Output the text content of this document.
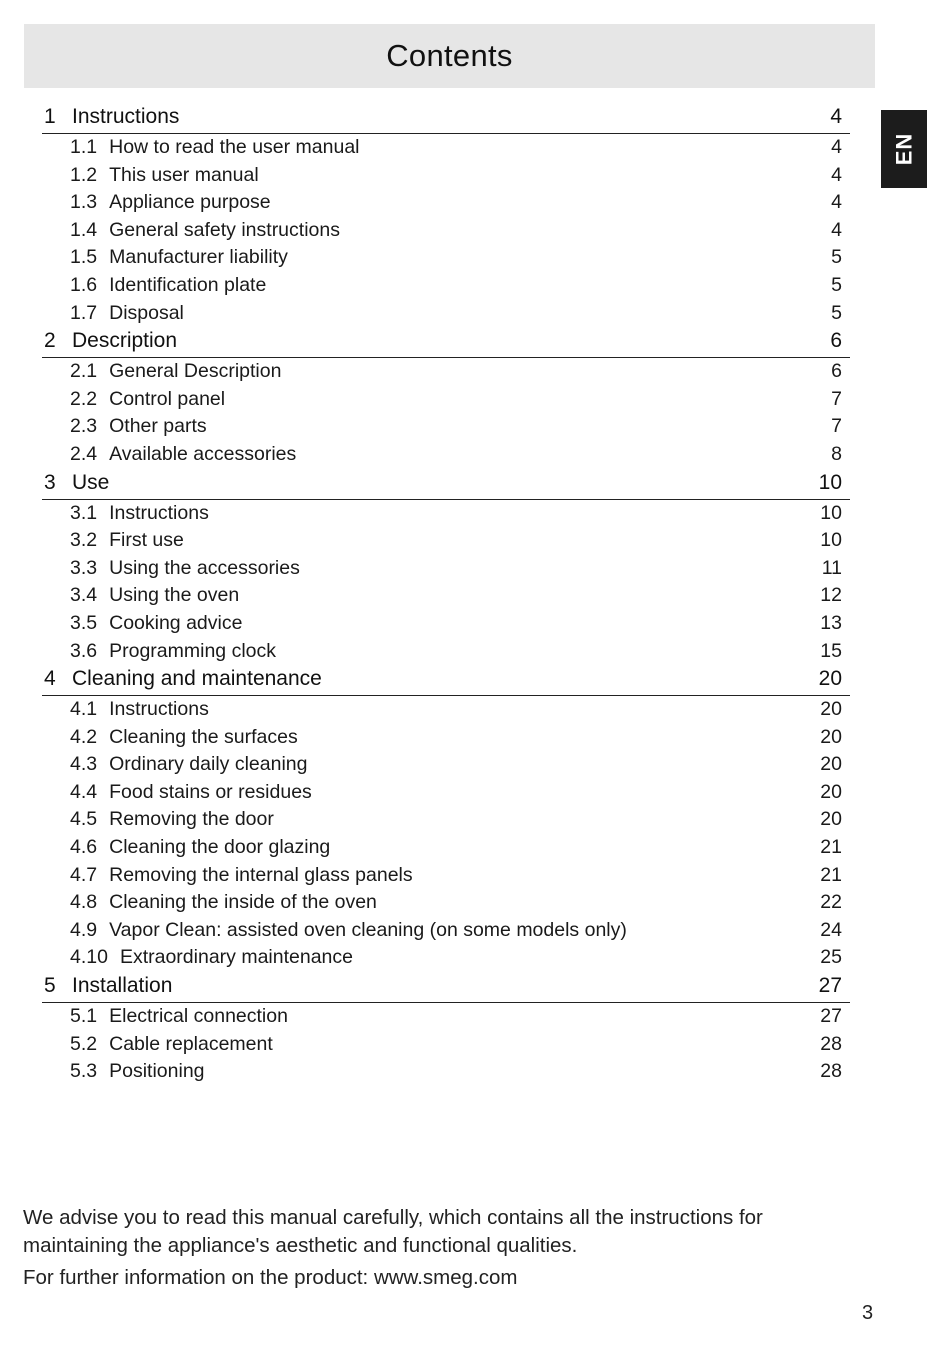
Contents
EN
1 Instructions	4
1.1 How to read the user manual	4
1.2 This user manual	4
1.3 Appliance purpose	4
1.4 General safety instructions	4
1.5 Manufacturer liability	5
1.6 Identification plate	5
1.7 Disposal	5
2 Description	6
2.1 General Description	6
2.2 Control panel	7
2.3 Other parts	7
2.4 Available accessories	8
3 Use	10
3.1 Instructions	10
3.2 First use	10
3.3 Using the accessories	11
3.4 Using the oven	12
3.5 Cooking advice	13
3.6 Programming clock	15
4 Cleaning and maintenance	20
4.1 Instructions	20
4.2 Cleaning the surfaces	20
4.3 Ordinary daily cleaning	20
4.4 Food stains or residues	20
4.5 Removing the door	20
4.6 Cleaning the door glazing	21
4.7 Removing the internal glass panels	21
4.8 Cleaning the inside of the oven	22
4.9 Vapor Clean: assisted oven cleaning (on some models only)	24
4.10 Extraordinary maintenance	25
5 Installation	27
5.1 Electrical connection	27
5.2 Cable replacement	28
5.3 Positioning	28

We advise you to read this manual carefully, which contains all the instructions for maintaining the appliance's aesthetic and functional qualities.

For further information on the product: www.smeg.com

3
